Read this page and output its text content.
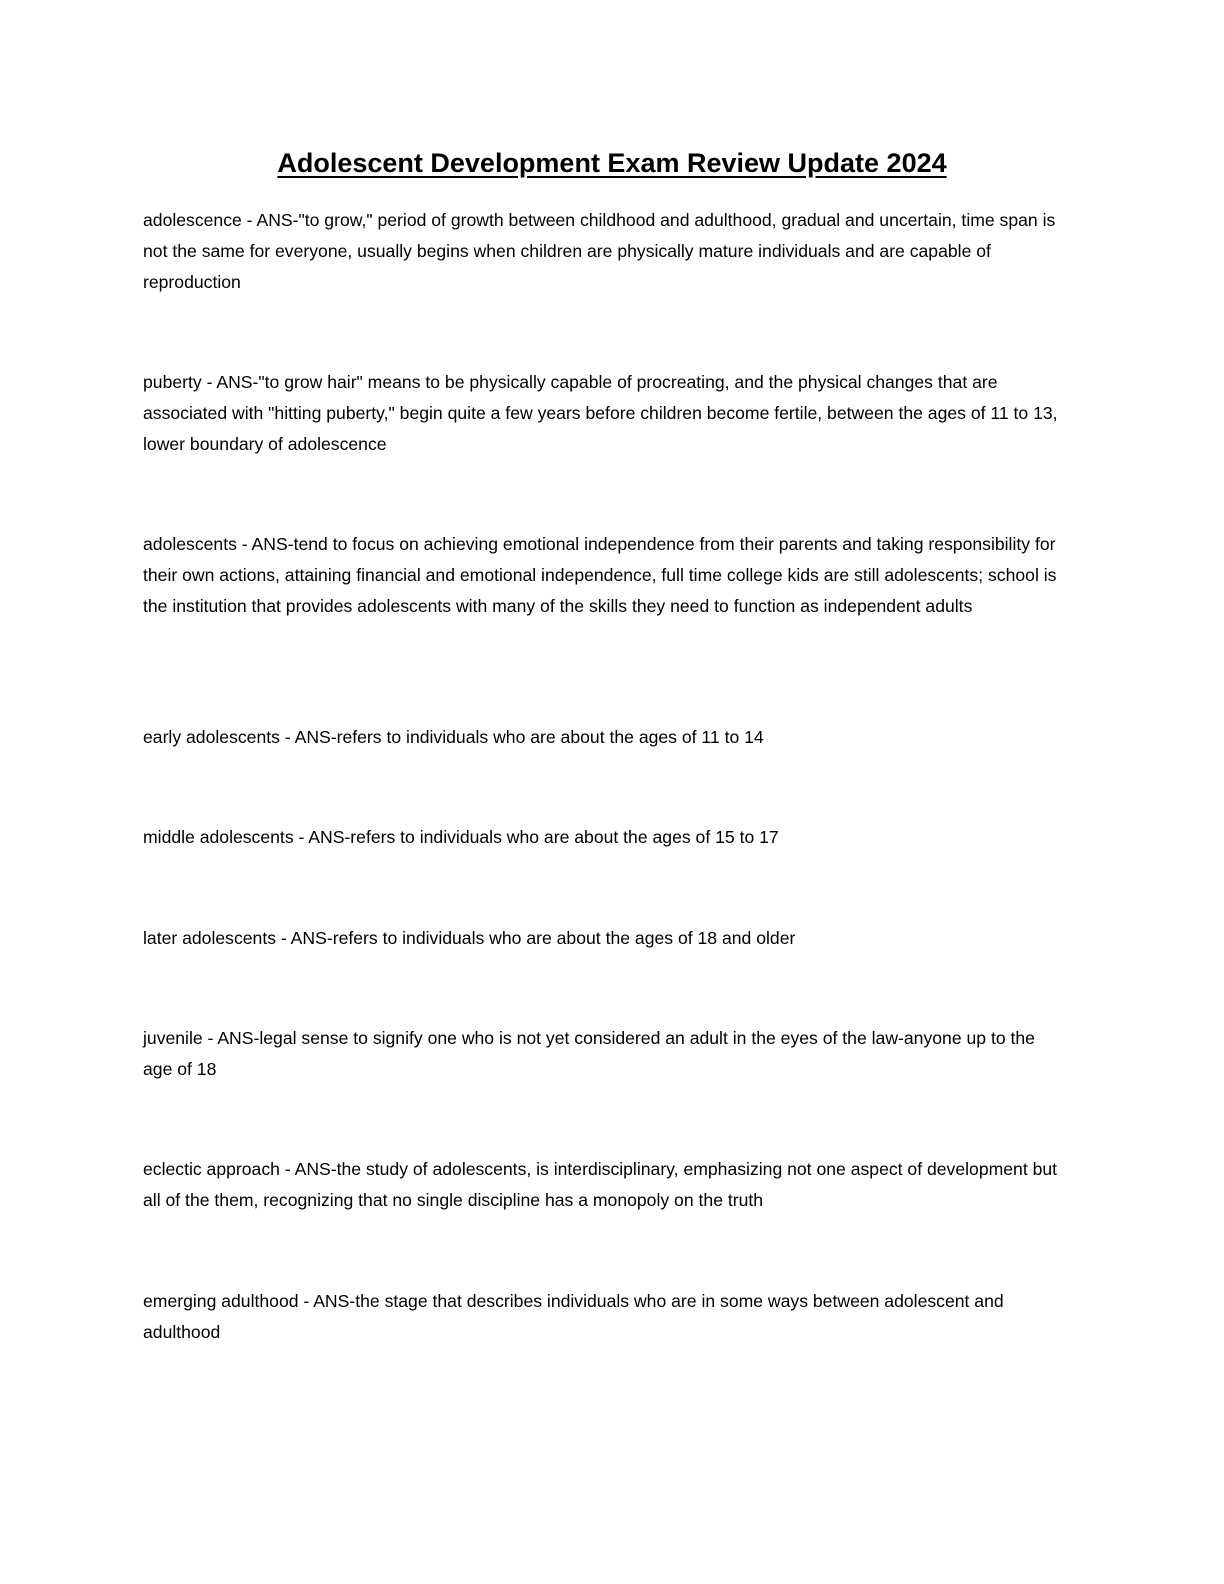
Adolescent Development Exam Review Update 2024

adolescence - ANS-"to grow," period of growth between childhood and adulthood, gradual and uncertain, time span is not the same for everyone, usually begins when children are physically mature individuals and are capable of reproduction

puberty - ANS-"to grow hair" means to be physically capable of procreating, and the physical changes that are associated with "hitting puberty," begin quite a few years before children become fertile, between the ages of 11 to 13, lower boundary of adolescence

adolescents - ANS-tend to focus on achieving emotional independence from their parents and taking responsibility for their own actions, attaining financial and emotional independence, full time college kids are still adolescents; school is the institution that provides adolescents with many of the skills they need to function as independent adults

early adolescents - ANS-refers to individuals who are about the ages of 11 to 14

middle adolescents - ANS-refers to individuals who are about the ages of 15 to 17

later adolescents - ANS-refers to individuals who are about the ages of 18 and older

juvenile - ANS-legal sense to signify one who is not yet considered an adult in the eyes of the law-anyone up to the age of 18

eclectic approach - ANS-the study of adolescents, is interdisciplinary, emphasizing not one aspect of development but all of the them, recognizing that no single discipline has a monopoly on the truth

emerging adulthood - ANS-the stage that describes individuals who are in some ways between adolescent and adulthood
